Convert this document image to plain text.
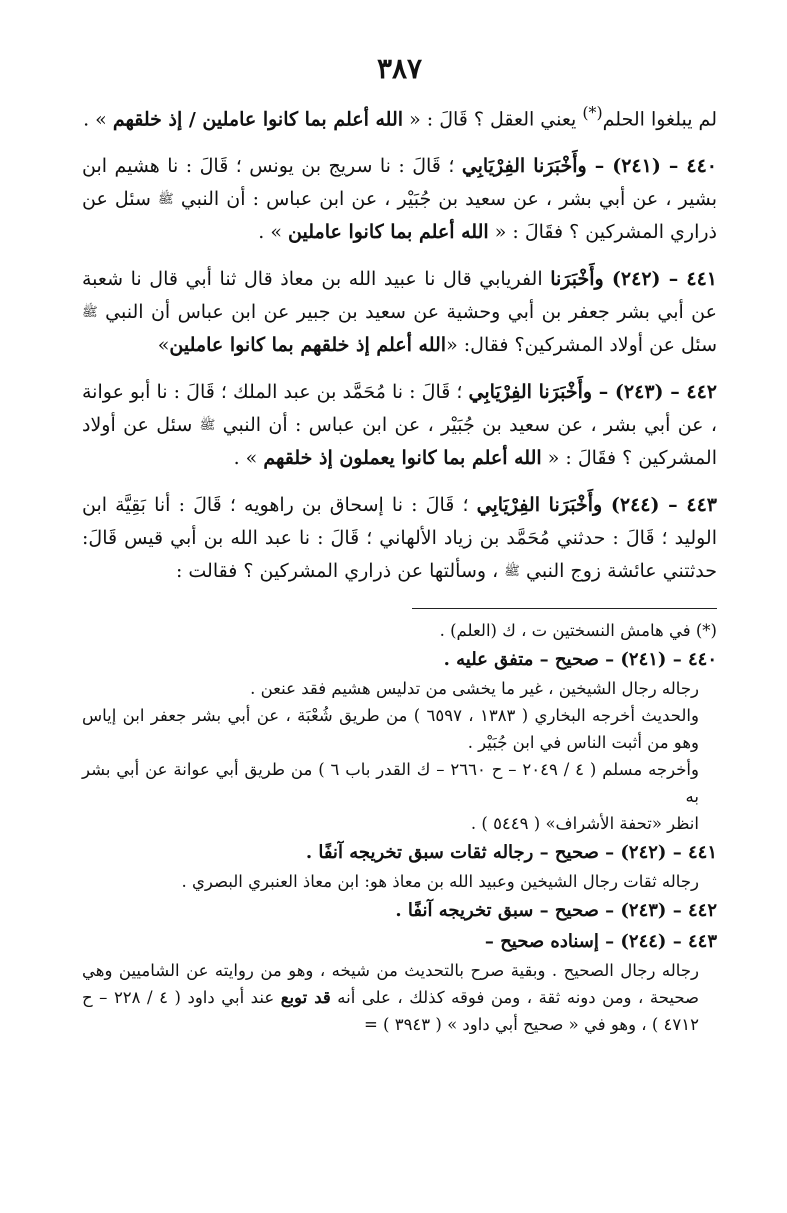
٣٨٧

لم يبلغوا الحلم(*) يعني العقل ؟ قَالَ : « الله أعلم بما كانوا عاملين / إذ خلقهم » .

٤٤٠ – (٢٤١) – وأَخْبَرَنا الفِرْيَابِي ؛ قَالَ : نا سريج بن يونس ؛ قَالَ : نا هشيم ابن بشير ، عن أبي بشر ، عن سعيد بن جُبَيْر ، عن ابن عباس : أن النبي ﷺ سئل عن ذراري المشركين ؟ فقَالَ : « الله أعلم بما كانوا عاملين » .

٤٤١ – (٢٤٢) وأَخْبَرَنا الفريابي قال نا عبيد الله بن معاذ قال ثنا أبي قال نا شعبة عن أبي بشر جعفر بن أبي وحشية عن سعيد بن جبير عن ابن عباس أن النبي ﷺ سئل عن أولاد المشركين؟ فقال: «الله أعلم إذ خلقهم بما كانوا عاملين»

٤٤٢ – (٢٤٣) – وأَخْبَرَنا الفِرْيَابِي ؛ قَالَ : نا مُحَمَّد بن عبد الملك ؛ قَالَ : نا أبو عوانة ، عن أبي بشر ، عن سعيد بن جُبَيْر ، عن ابن عباس : أن النبي ﷺ سئل عن أولاد المشركين ؟ فقَالَ : « الله أعلم بما كانوا يعملون إذ خلقهم » .

٤٤٣ – (٢٤٤) وأَخْبَرَنا الفِرْيَابِي ؛ قَالَ : نا إسحاق بن راهويه ؛ قَالَ : أنا بَقِيَّة ابن الوليد ؛ قَالَ : حدثني مُحَمَّد بن زياد الألهاني ؛ قَالَ : نا عبد الله بن أبي قيس قَالَ: حدثتني عائشة زوج النبي ﷺ ، وسألتها عن ذراري المشركين ؟ فقالت :

(*) في هامش النسختين ت ، ك (العلم) .

٤٤٠ – (٢٤١) – صحيح – متفق عليه .

رجاله رجال الشيخين ، غير ما يخشى من تدليس هشيم فقد عنعن .

والحديث أخرجه البخاري ( ١٣٨٣ ، ٦٥٩٧ ) من طريق شُعْبَة ، عن أبي بشر جعفر ابن إياس وهو من أثبت الناس في ابن جُبَيْر .

وأخرجه مسلم ( ٤ / ٢٠٤٩ – ح ٢٦٦٠ – ك القدر باب ٦ ) من طريق أبي عوانة عن أبي بشر به

انظر «تحفة الأشراف» ( ٥٤٤٩ ) .

٤٤١ – (٢٤٢) – صحيح – رجاله ثقات سبق تخريجه آنفًا .

رجاله ثقات رجال الشيخين وعبيد الله بن معاذ هو: ابن معاذ العنبري البصري .

٤٤٢ – (٢٤٣) – صحيح – سبق تخريجه آنفًا .

٤٤٣ – (٢٤٤) – إسناده صحيح –

رجاله رجال الصحيح . وبقية صرح بالتحديث من شيخه ، وهو من روايته عن الشاميين وهي صحيحة ، ومن دونه ثقة ، ومن فوقه كذلك ، على أنه قد توبع عند أبي داود ( ٤ / ٢٢٨ – ح ٤٧١٢ ) ، وهو في « صحيح أبي داود » ( ٣٩٤٣ ) =
